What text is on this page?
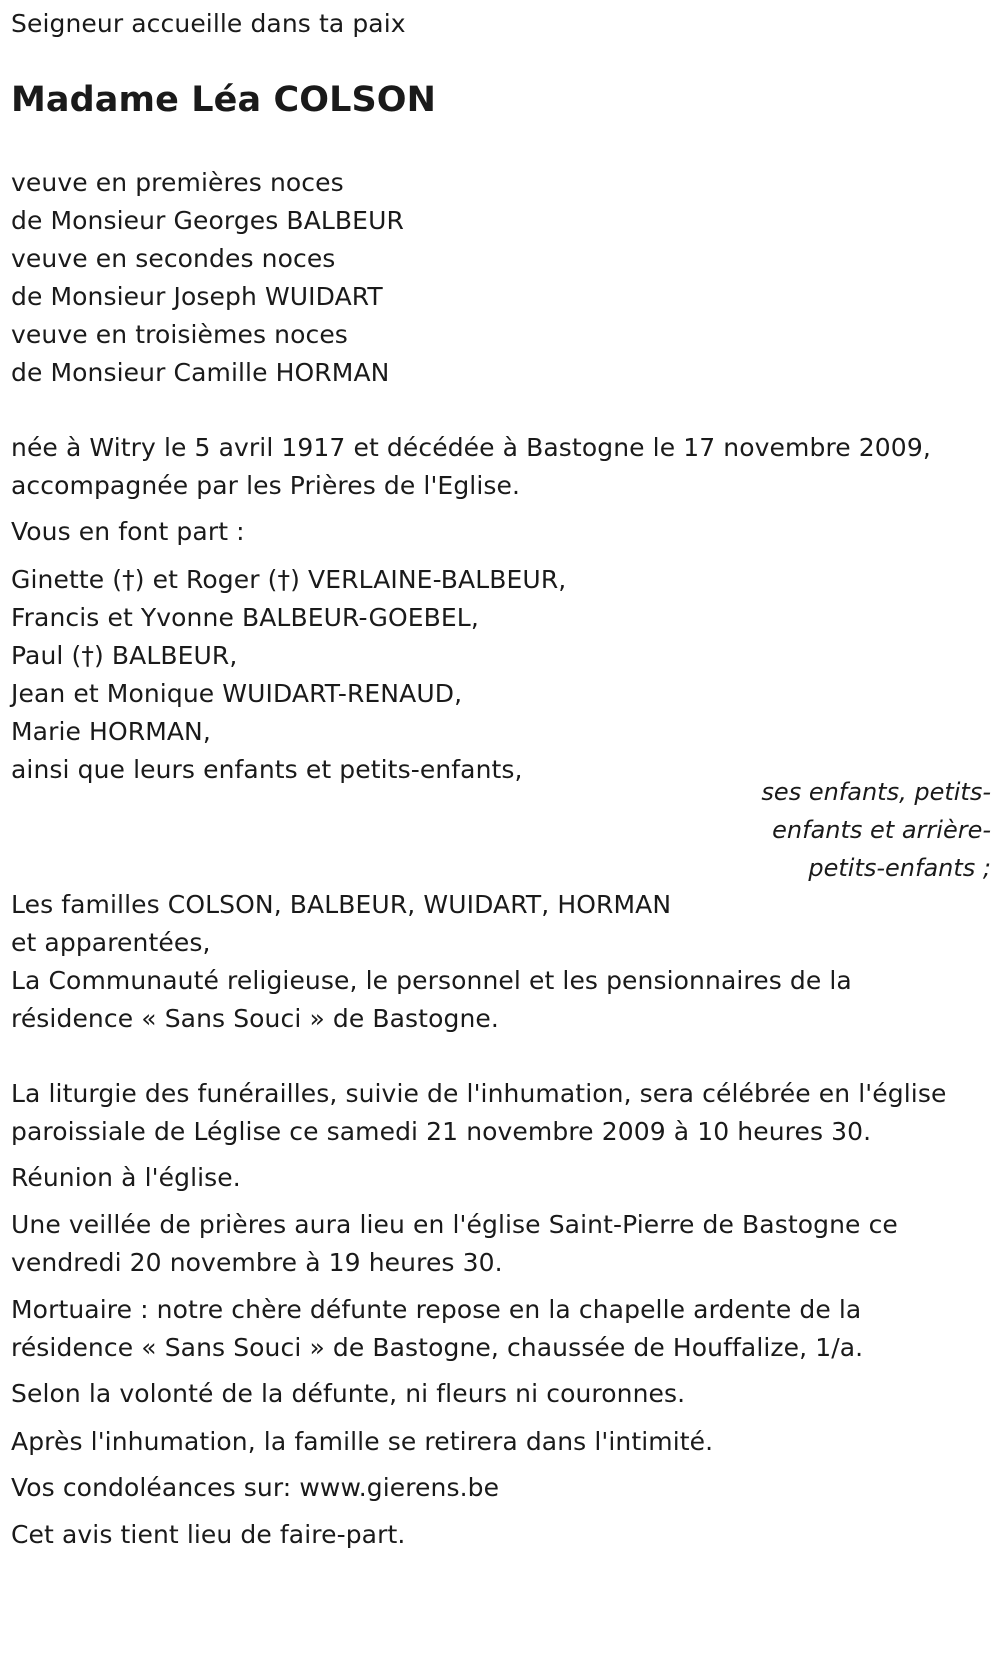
Seigneur accueille dans ta paix
Madame Léa COLSON
veuve en premières noces
de Monsieur Georges BALBEUR
veuve en secondes noces
de Monsieur Joseph WUIDART
veuve en troisièmes noces
de Monsieur Camille HORMAN
née à Witry le 5 avril 1917 et décédée à Bastogne le 17 novembre 2009,
accompagnée par les Prières de l'Eglise.
Vous en font part :
Ginette (†) et Roger (†) VERLAINE-BALBEUR,
Francis et Yvonne BALBEUR-GOEBEL,
Paul (†) BALBEUR,
Jean et Monique WUIDART-RENAUD,
Marie HORMAN,
ainsi que leurs enfants et petits-enfants,
ses enfants, petits-
enfants et arrière-
petits-enfants ;
Les familles COLSON, BALBEUR, WUIDART, HORMAN
et apparentées,
La Communauté religieuse, le personnel et les pensionnaires de la
résidence « Sans Souci » de Bastogne.
La liturgie des funérailles, suivie de l'inhumation, sera célébrée en l'église
paroissiale de Léglise ce samedi 21 novembre 2009 à 10 heures 30.
Réunion à l'église.
Une veillée de prières aura lieu en l'église Saint-Pierre de Bastogne ce
vendredi 20 novembre à 19 heures 30.
Mortuaire : notre chère défunte repose en la chapelle ardente de la
résidence « Sans Souci » de Bastogne, chaussée de Houffalize, 1/a.
Selon la volonté de la défunte, ni fleurs ni couronnes.
Après l'inhumation, la famille se retirera dans l'intimité.
Vos condoléances sur: www.gierens.be
Cet avis tient lieu de faire-part.
